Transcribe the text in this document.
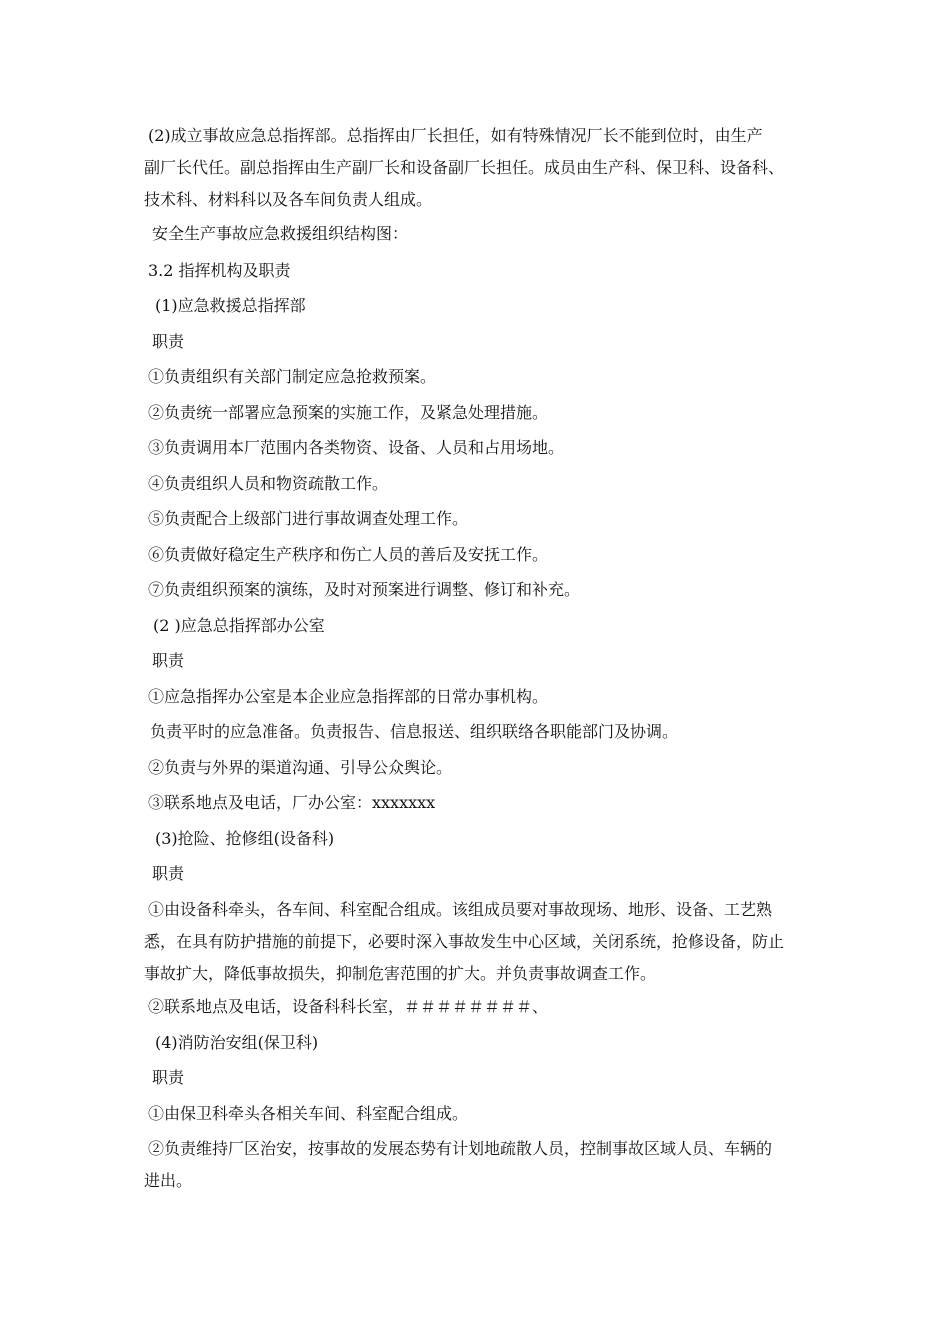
(2)成立事故应急总指挥部。总指挥由厂长担任，如有特殊情况厂长不能到位时，由生产
副厂长代任。副总指挥由生产副厂长和设备副厂长担任。成员由生产科、保卫科、设备科、
技术科、材料科以及各车间负责人组成。
安全生产事故应急救援组织结构图：
3.2 指挥机构及职责
(1)应急救援总指挥部
职责
①负责组织有关部门制定应急抢救预案。
②负责统一部署应急预案的实施工作，及紧急处理措施。
③负责调用本厂范围内各类物资、设备、人员和占用场地。
④负责组织人员和物资疏散工作。
⑤负责配合上级部门进行事故调查处理工作。
⑥负责做好稳定生产秩序和伤亡人员的善后及安抚工作。
⑦负责组织预案的演练，及时对预案进行调整、修订和补充。
(2 )应急总指挥部办公室
职责
①应急指挥办公室是本企业应急指挥部的日常办事机构。
负责平时的应急准备。负责报告、信息报送、组织联络各职能部门及协调。
②负责与外界的渠道沟通、引导公众舆论。
③联系地点及电话，厂办公室：xxxxxxx
(3)抢险、抢修组(设备科)
职责
①由设备科牵头，各车间、科室配合组成。该组成员要对事故现场、地形、设备、工艺熟
悉，在具有防护措施的前提下，必要时深入事故发生中心区域，关闭系统，抢修设备，防止
事故扩大，降低事故损失，抑制危害范围的扩大。并负责事故调查工作。
②联系地点及电话，设备科科长室，＃＃＃＃＃＃＃＃、
(4)消防治安组(保卫科)
职责
①由保卫科牵头各相关车间、科室配合组成。
②负责维持厂区治安，按事故的发展态势有计划地疏散人员，控制事故区域人员、车辆的
进出。
